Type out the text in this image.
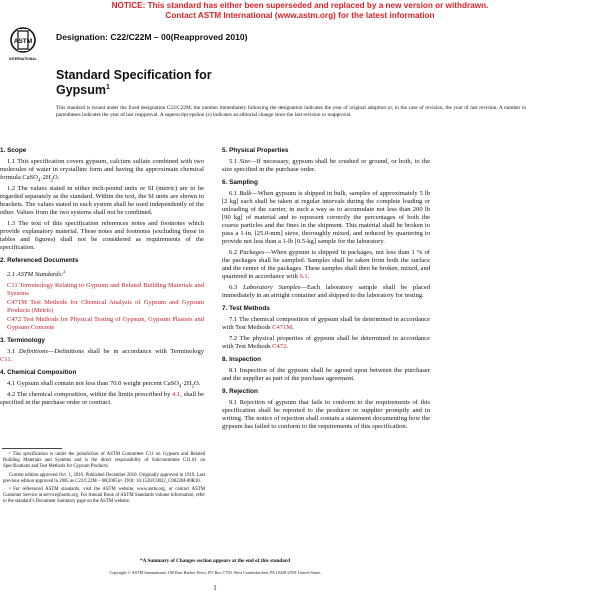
NOTICE: This standard has either been superseded and replaced by a new version or withdrawn.
Contact ASTM International (www.astm.org) for the latest information
ASTM
INTERNATIONAL
Designation: C22/C22M – 00(Reapproved 2010)
Standard Specification for
Gypsum$^1$
This standard is issued under the fixed designation C22/C22M; the number immediately following the designation indicates the year of original adoption or, in the case of revision, the year of last revision. A number in parentheses indicates the year of last reapproval. A superscript epsilon (ε) indicates an editorial change since the last revision or reapproval.
1. Scope

1.1 This specification covers gypsum, calcium sulfate combined with two molecules of water in crystalline form and having the approximate chemical formula $CaSO_4\cdot 2H_2O$.

1.2 The values stated in either inch-pound units or SI (metric) are to be regarded separately as the standard. Within the text, the SI units are shown in brackets. The values stated in each system shall be used independently of the other. Values from the two systems shall not be combined.

1.3 The text of this specification references notes and footnotes which provide explanatory material. These notes and footnotes (excluding those in tables and figures) shall not be considered as requirements of the specification.

2. Referenced Documents

2.1 ASTM Standards:$^2$

C11 Terminology Relating to Gypsum and Related Building Materials and Systems

C471M Test Methods for Chemical Analysis of Gypsum and Gypsum Products (Metric)

C472 Test Methods for Physical Testing of Gypsum, Gypsum Plasters and Gypsum Concrete

3. Terminology

3.1 Definitions—Definitions shall be in accordance with Terminology C11.

4. Chemical Composition

4.1 Gypsum shall contain not less than 70.0 weight percent $CaSO_4\cdot 2H_2O$.

4.2 The chemical composition, within the limits prescribed by 4.1, shall be specified in the purchase order or contract.

¹ This specification is under the jurisdiction of ASTM Committee C11 on Gypsum and Related Building Materials and Systems and is the direct responsibility of Subcommittee C11.01 on Specifications and Test Methods for Gypsum Products.

Current edition approved Oct. 1, 2010. Published December 2010. Originally approved in 1919. Last previous edition approved in 2005 as C22/C22M – 00(2005)ε¹. DOI: 10.1520/C0022_C0022M-00R10.

² For referenced ASTM standards, visit the ASTM website, www.astm.org, or contact ASTM Customer Service at service@astm.org. For Annual Book of ASTM Standards volume information, refer to the standard’s Document Summary page on the ASTM website.

5. Physical Properties

5.1 Size—If necessary, gypsum shall be crushed or ground, or both, to the size specified in the purchase order.

6. Sampling

6.1 Bulk—When gypsum is shipped in bulk, samples of approximately 5 lb [2 kg] each shall be taken at regular intervals during the complete loading or unloading of the carrier, in such a way as to accumulate not less than 200 lb [90 kg] of material and to represent correctly the percentages of both the coarse particles and the fines in the shipment. This material shall be broken to pass a 1-in. [25.0-mm] sieve, thoroughly mixed, and reduced by quartering to provide not less than a 1-lb [0.5-kg] sample for the laboratory.

6.2 Packages—When gypsum is shipped in packages, not less than 1 % of the packages shall be sampled. Samples shall be taken from both the surface and the center of the packages. These samples shall then be broken, mixed, and quartered in accordance with 6.1.

6.3 Laboratory Samples—Each laboratory sample shall be placed immediately in an airtight container and shipped to the laboratory for testing.

7. Test Methods

7.1 The chemical composition of gypsum shall be determined in accordance with Test Methods C471M.

7.2 The physical properties of gypsum shall be determined in accordance with Test Methods C472.

8. Inspection

8.1 Inspection of the gypsum shall be agreed upon between the purchaser and the supplier as part of the purchase agreement.

9. Rejection

9.1 Rejection of gypsum that fails to conform to the requirements of this specification shall be reported to the producer or supplier promptly and in writing. The notice of rejection shall contain a statement documenting how the gypsum has failed to conform to the requirements of this specification.

*A Summary of Changes section appears at the end of this standard
Copyright © ASTM International, 100 Barr Harbor Drive, PO Box C700, West Conshohocken, PA 19428-2959. United States
1
